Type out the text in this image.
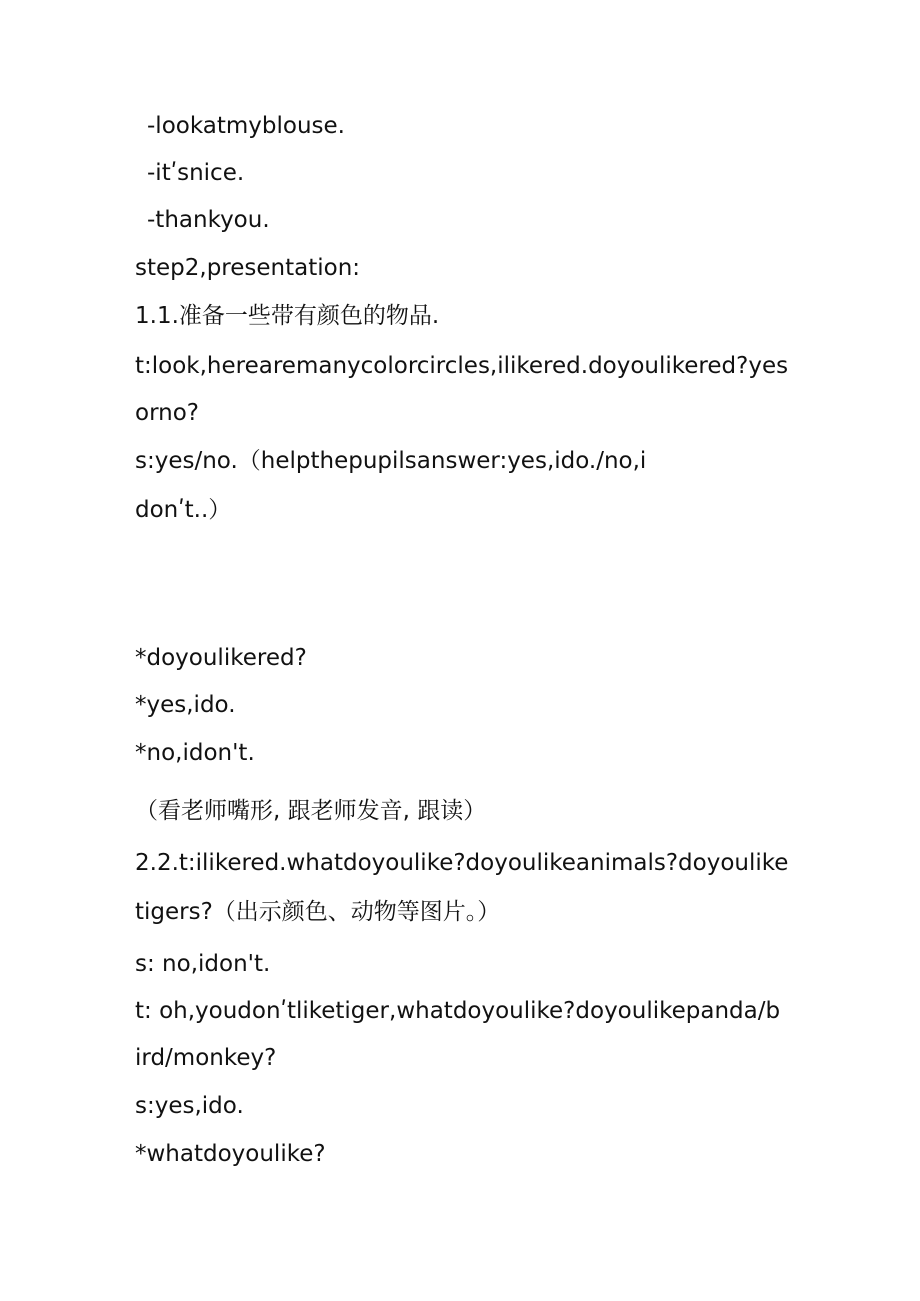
-lookatmyblouse.
-itʹsnice.
-thankyou.
step2,presentation:
1.1.准备一些带有颜色的物品.
t:look,herearemanycolorcircles,ilikered.doyoulikered?yes
orno?
s:yes/no.（helpthepupilsanswer:yes,ido./no,i
donʹt..）
*doyoulikered?
*yes,ido.
*no,idon't.
（看老师嘴形, 跟老师发音, 跟读）
2.2.t:ilikered.whatdoyoulike?doyoulikeanimals?doyoulike
tigers?（出示颜色、动物等图片。）
s: no,idon't.
t: oh,youdonʹtliketiger,whatdoyoulike?doyoulikepanda/b
ird/monkey?
s:yes,ido.
*whatdoyoulike?
